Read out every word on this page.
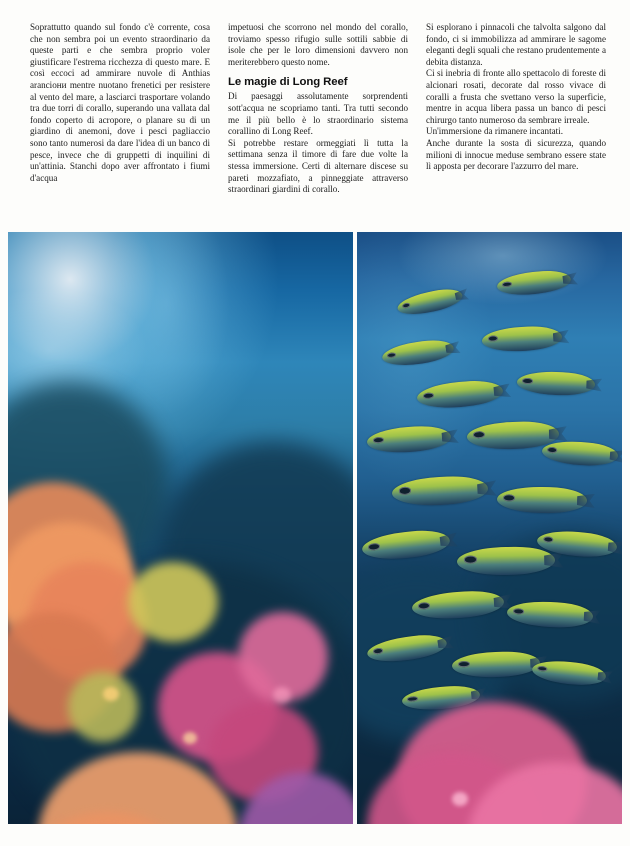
Soprattutto quando sul fondo c'è corrente, cosa che non sembra poi un evento straordinario da queste parti e che sembra proprio voler giustificare l'estrema ricchezza di questo mare. E così eccoci ad ammirare nuvole di Anthias aranciони mentre nuotano frenetici per resistere al vento del mare, a lasciarci trasportare volando tra due torri di corallo, superando una vallata dal fondo coperto di acropore, o planare su di un giardino di anemoni, dove i pesci pagliaccio sono tanto numerosi da dare l'idea di un banco di pesce, invece che di gruppetti di inquilini di un'attinia. Stanchi dopo aver affrontato i fiumi d'acqua

impetuosi che scorrono nel mondo del corallo, troviamo spesso rifugio sulle sottili sabbie di isole che per le loro dimensioni davvero non meriterebbero questo nome.

Le magie di Long Reef

Di paesaggi assolutamente sorprendenti sott'acqua ne scopriamo tanti. Tra tutti secondo me il più bello è lo straordinario sistema corallino di Long Reef.

Si potrebbe restare ormeggiati lì tutta la settimana senza il timore di fare due volte la stessa immersione. Certi di alternare discese su pareti mozzafiato, a pinneggiate attraverso straordinari giardini di corallo.

Si esplorano i pinnacoli che talvolta salgono dal fondo, ci si immobilizza ad ammirare le sagome eleganti degli squali che restano prudentemente a debita distanza.

Ci si inebria di fronte allo spettacolo di foreste di alcionari rosati, decorate dal rosso vivace di coralli a frusta che svettano verso la superficie, mentre in acqua libera passa un banco di pesci chirurgo tanto numeroso da sembrare irreale.

Un'immersione da rimanere incantati.

Anche durante la sosta di sicurezza, quando milioni di innocue meduse sembrano essere state lì apposta per decorare l'azzurro del mare.
